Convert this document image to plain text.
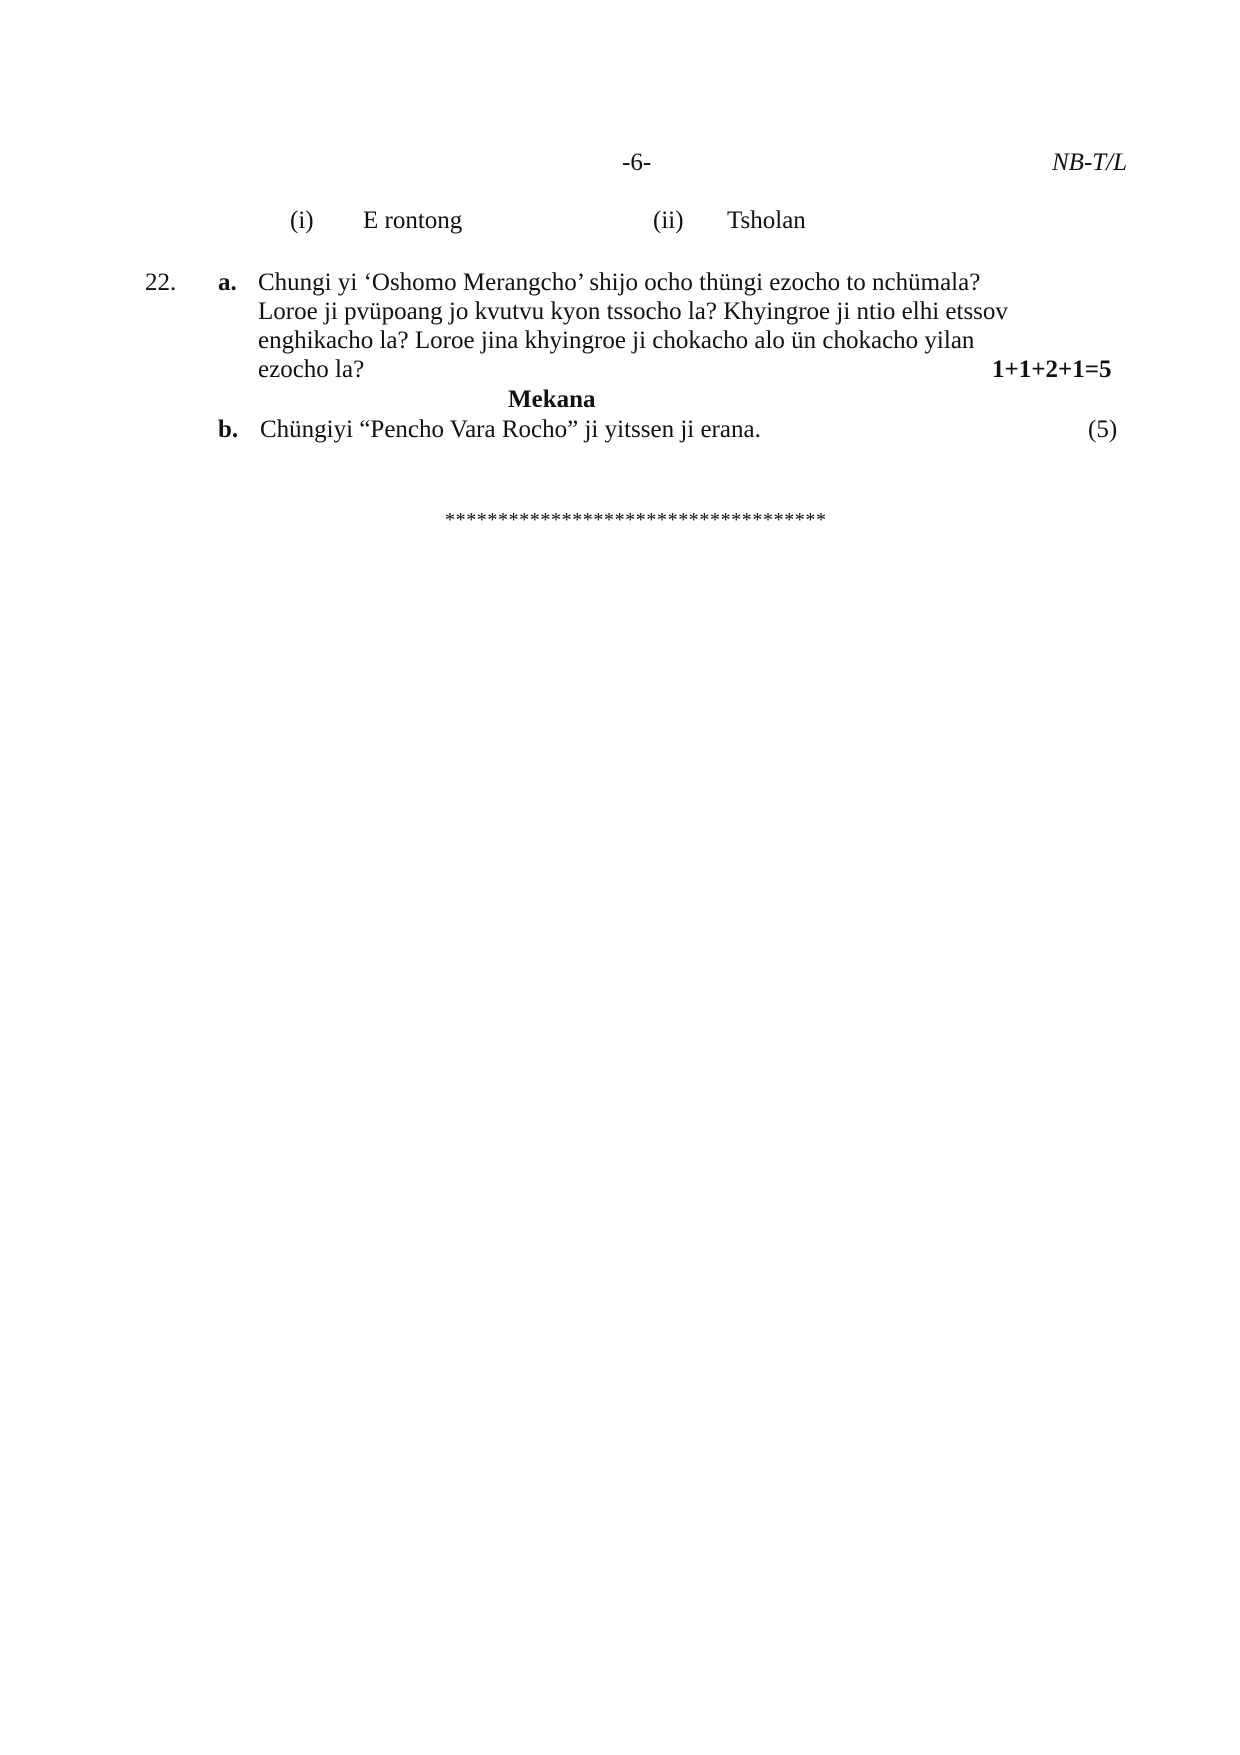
-6-	NB-T/L
(i) E rontong	(ii) Tsholan
22. a. Chungi yi ‘Oshomo Merangcho’ shijo ocho thüngi ezocho to nchümala?
Loroe ji pvüpoang jo kvutvu kyon tssocho la? Khyingroe ji ntio elhi etssov
enghikacho la? Loroe jina khyingroe ji chokacho alo ün chokacho yilan
ezocho la?	1+1+2+1=5
Mekana
b. Chüngiyi “Pencho Vara Rocho” ji yitssen ji erana.	(5)
************************************
